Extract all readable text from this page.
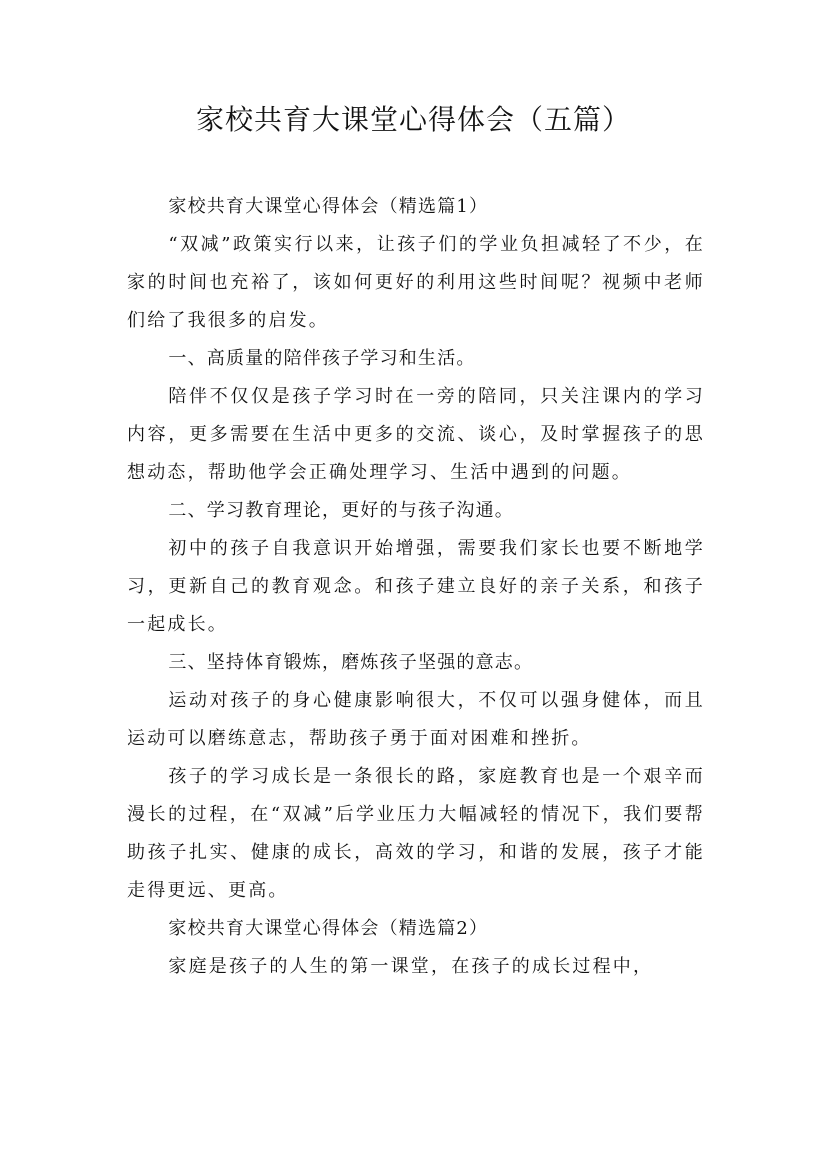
家校共育大课堂心得体会（五篇）

家校共育大课堂心得体会（精选篇1）

“双减”政策实行以来，让孩子们的学业负担减轻了不少，在家的时间也充裕了，该如何更好的利用这些时间呢？视频中老师们给了我很多的启发。

一、高质量的陪伴孩子学习和生活。

陪伴不仅仅是孩子学习时在一旁的陪同，只关注课内的学习内容，更多需要在生活中更多的交流、谈心，及时掌握孩子的思想动态，帮助他学会正确处理学习、生活中遇到的问题。

二、学习教育理论，更好的与孩子沟通。

初中的孩子自我意识开始增强，需要我们家长也要不断地学习，更新自己的教育观念。和孩子建立良好的亲子关系，和孩子一起成长。

三、坚持体育锻炼，磨炼孩子坚强的意志。

运动对孩子的身心健康影响很大，不仅可以强身健体，而且运动可以磨练意志，帮助孩子勇于面对困难和挫折。

孩子的学习成长是一条很长的路，家庭教育也是一个艰辛而漫长的过程，在“双减”后学业压力大幅减轻的情况下，我们要帮助孩子扎实、健康的成长，高效的学习，和谐的发展，孩子才能走得更远、更高。

家校共育大课堂心得体会（精选篇2）

家庭是孩子的人生的第一课堂，在孩子的成长过程中，
